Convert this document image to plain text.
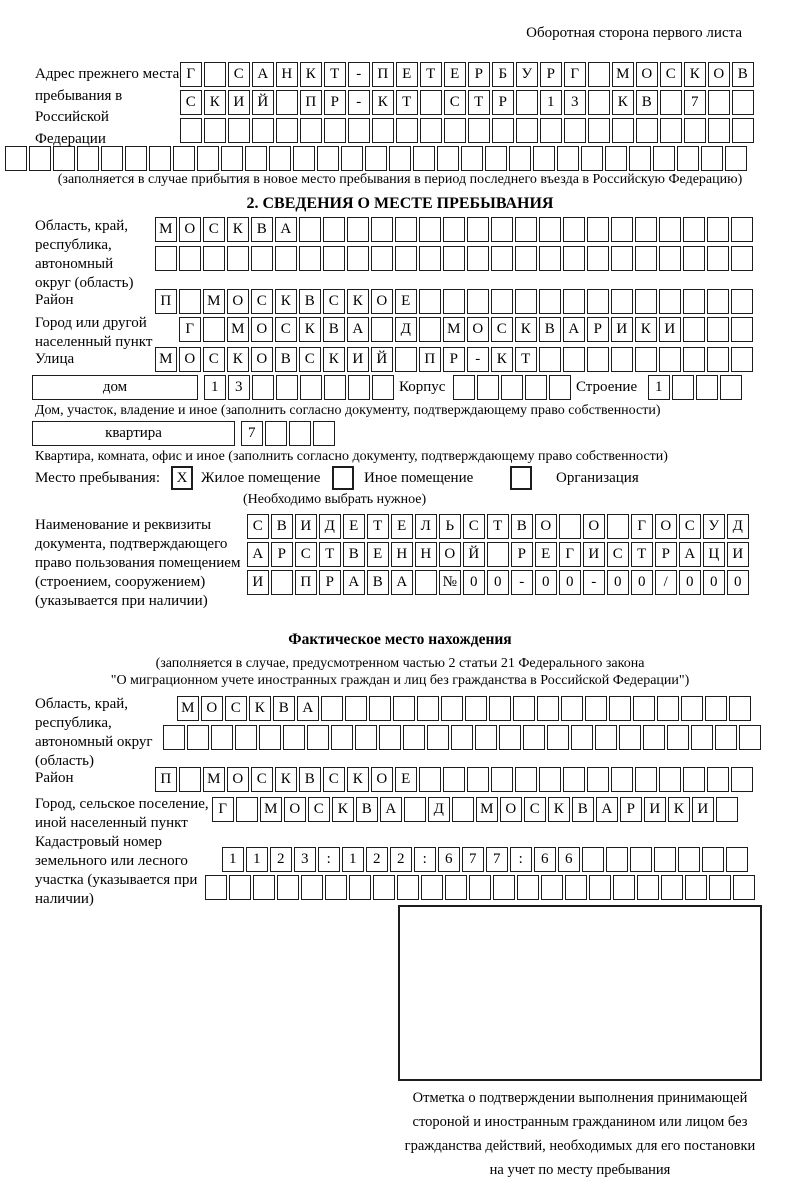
Оборотная сторона первого листа
Адрес прежнего места пребывания в Российской Федерации
Г	С А Н К Т	-	П Е Т Е	Р	Б У Р	Г	М О С К О В
С К И Й	П Р	-	К Т	С Т	Р	1	3	К В	7
(заполняется в случае прибытия в новое место пребывания в период последнего въезда в Российскую Федерацию)
2. СВЕДЕНИЯ О МЕСТЕ ПРЕБЫВАНИЯ
Область, край, республика, автономный округ (область)
М О С К В А
Район	П	М О С К В С К О Е
Город или другой населенный пункт
Г	М О С К В А	Д	М О С К В А Р И К И
Улица	М О С К О В С К И Й	П Р	-	К Т
дом	1	3	Корпус	Строение	1
Дом, участок, владение и иное (заполнить согласно документу, подтверждающему право собственности)
квартира	7
Квартира, комната, офис и иное (заполнить согласно документу, подтверждающему право собственности)
Место пребывания:	X Жилое помещение	Иное помещение	Организация
(Необходимо выбрать нужное)
Наименование и реквизиты документа, подтверждающего право пользования помещением (строением, сооружением) (указывается при наличии)
С В И Д Е Т Е Л Ь С Т В О	О	Г О С У Д
А Р С Т В Е Н Н О Й	Р	Е	Г И С Т	Р А Ц И
И	П Р А В А	№ 0	0	-	0	0	-	0	0	/	0	0	0
Фактическое место нахождения
(заполняется в случае, предусмотренном частью 2 статьи 21 Федерального закона
"О миграционном учете иностранных граждан и лиц без гражданства в Российской Федерации")
Область, край, республика, автономный округ (область)
М О С К В А
Район	П	М О С К В С К О Е
Город, сельское поселение, иной населенный пункт
Г	М О С К В А	Д	М О С К В А Р И К И
Кадастровый номер земельного или лесного участка (указывается при наличии)
1	1	2	3	:	1	2	2	:	6	7	7	:	6	6
Отметка о подтверждении выполнения принимающей стороной и иностранным гражданином или лицом без гражданства действий, необходимых для его постановки на учет по месту пребывания
